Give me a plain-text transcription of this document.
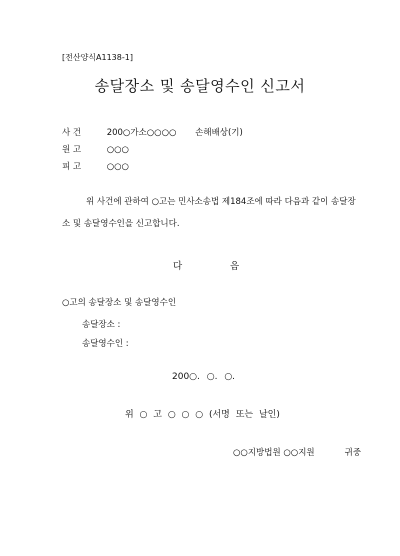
[전산양식A1138-1]
송달장소 및 송달영수인 신고서
사 건	200○가소○○○○ 손해배상(기)
원 고	○○○
피 고	○○○
위 사건에 관하여 ○고는 민사소송법 제184조에 따라 다음과 같이 송달장
소 및 송달영수인을 신고합니다.
다	음
○고의 송달장소 및 송달영수인
송달장소 :
송달영수인 :
200○. ○. ○.
위 ○ 고 ○ ○ ○ (서명 또는 날인)
○○지방법원 ○○지원	귀중
